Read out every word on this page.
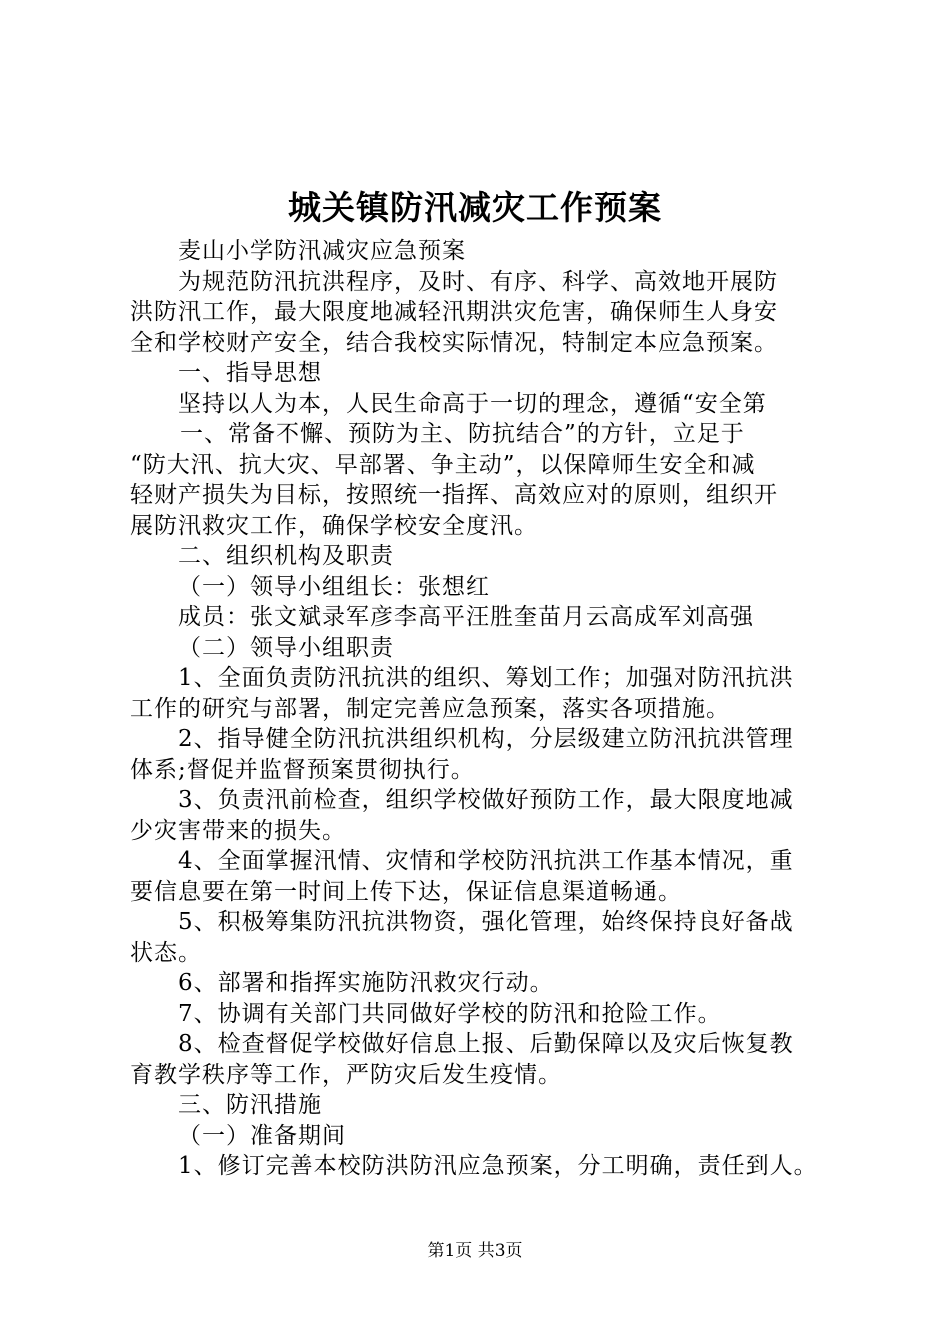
城关镇防汛减灾工作预案
麦山小学防汛减灾应急预案
为规范防汛抗洪程序，及时、有序、科学、高效地开展防
洪防汛工作，最大限度地减轻汛期洪灾危害，确保师生人身安
全和学校财产安全，结合我校实际情况，特制定本应急预案。
一、指导思想
坚持以人为本，人民生命高于一切的理念，遵循“安全第
一、常备不懈、预防为主、防抗结合”的方针，立足于
“防大汛、抗大灾、早部署、争主动”，以保障师生安全和减
轻财产损失为目标，按照统一指挥、高效应对的原则，组织开
展防汛救灾工作，确保学校安全度汛。
二、组织机构及职责
（一）领导小组组长：张想红
成员：张文斌录军彦李高平汪胜奎苗月云高成军刘高强
（二）领导小组职责
1、全面负责防汛抗洪的组织、筹划工作；加强对防汛抗洪
工作的研究与部署，制定完善应急预案，落实各项措施。
2、指导健全防汛抗洪组织机构，分层级建立防汛抗洪管理
体系;督促并监督预案贯彻执行。
3、负责汛前检查，组织学校做好预防工作，最大限度地减
少灾害带来的损失。
4、全面掌握汛情、灾情和学校防汛抗洪工作基本情况，重
要信息要在第一时间上传下达，保证信息渠道畅通。
5、积极筹集防汛抗洪物资，强化管理，始终保持良好备战
状态。
6、部署和指挥实施防汛救灾行动。
7、协调有关部门共同做好学校的防汛和抢险工作。
8、检查督促学校做好信息上报、后勤保障以及灾后恢复教
育教学秩序等工作，严防灾后发生疫情。
三、防汛措施
（一）准备期间
1、修订完善本校防洪防汛应急预案，分工明确，责任到人。
第1页 共3页
